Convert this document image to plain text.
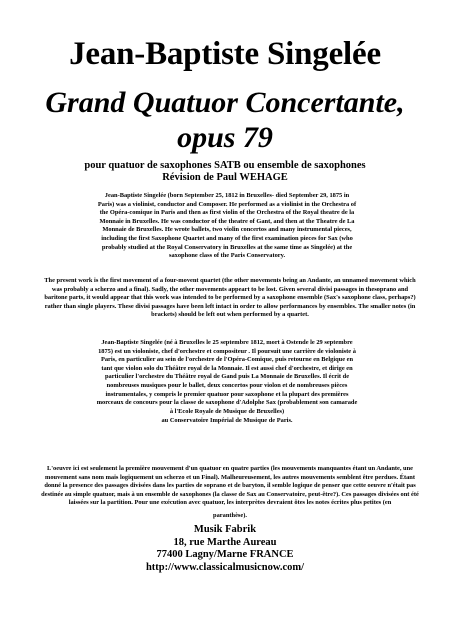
Jean-Baptiste Singelée
Grand Quatuor Concertante,
opus 79
pour quatuor de saxophones SATB ou ensemble de saxophones
Révision de Paul WEHAGE
Jean-Baptiste Singelée (born September 25, 1812 in Bruxelles- died September 29, 1875 in Paris) was a violinist, conductor and Composer. He performed as a violinist in the Orchestra of the Opéra-comique in Paris and then as first violin of the Orchestra of the Royal theatre de la Monnaie in Bruxelles. He was conductor of the theatre of Gant, and then at the Theatre de La Monnaie de Bruxelles. He wrote ballets, two violin concertos and many instrumental pieces, including the first Saxophone Quartet and many of the first examination pieces for Sax (who probably studied at the Royal Conservatory in Bruxelles at the same time as Singelée) at the saxophone class of the Paris Conservatory.
The present work is the first movement of a four-movent quartet (the other movements being an Andante, an unnamed movement which was probably a scherzo and a final). Sadly, the other movements appeart to be lost. Given several divisi passages in thesoprano and baritone parts, it would appear that this work was intended to be performed by a saxophone ensemble (Sax's saxophone class, perhaps?) rather than single players. These divisi passages have been left intact in order to allow performances by ensembles. The smaller notes (in brackets) should be left out when performed by a quartet.
Jean-Baptiste Singelée (né à Bruxelles le 25 septembre 1812, mort à Ostende le 29 septembre 1875) est un violoniste, chef d'orchestre et compositeur . Il poursuit une carrière de violoniste à Paris, en particulier au sein de l'orchestre de l'Opéra-Comique, puis retourne en Belgique en tant que violon solo du Théâtre royal de la Monnaie. Il est aussi chef d'orchestre, et dirige en particulier l'orchestre du Théâtre royal de Gand puis La Monnaie de Bruxelles. Il écrit de nombreuses musiques pour le ballet, deux concertos pour violon et de nombreuses pièces instrumentales, y compris le premier quatuor pour saxophone et la plupart des premières morceaux de concours pour la classe de saxophone d'Adolphe Sax (probablement son camarade à l'Ecole Royale de Musique de Bruxelles)
au Conservatoire Impérial de Musique de Paris.
L'oeuvre ici est seulement la première mouvement d'un quatuor en quatre parties (les mouvements manquantes étant un Andante, une mouvement sans nom mais logiquement un scherzo et un Final). Malheureusement, les autres mouvements semblent être perdues. Étant donné la presence des passages divisées dans les parties de soprano et de baryton, il semble logique de penser que cette oeuvre n'était pas destinée au simple quatuor, mais à un ensemble de saxophones (la classe de Sax au Conservatoire, peut-être?). Ces passages divisées ont été laissées sur la partition. Pour une exécution avec quatuor, les interprètes devraient ôtes les notes écrites plus petites (en
paranthèse).
Musik Fabrik
18, rue Marthe Aureau
77400 Lagny/Marne FRANCE
http://www.classicalmusicnow.com/
